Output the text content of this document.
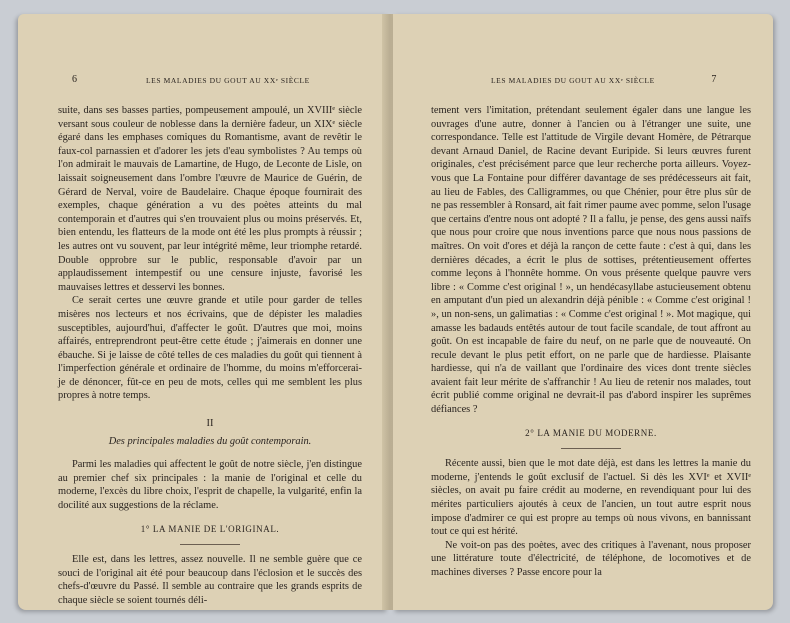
6	LES MALADIES DU GOUT AU XXᵉ SIÈCLE

suite, dans ses basses parties, pompeusement ampoulé, un XVIIIᵉ siècle versant sous couleur de noblesse dans la dernière fadeur, un XIXᵉ siècle égaré dans les emphases comiques du Romantisme, avant de revêtir le faux-col parnassien et d'adorer les jets d'eau symbolistes ? Au temps où l'on admirait le mauvais de Lamartine, de Hugo, de Leconte de Lisle, on laissait soigneusement dans l'ombre l'œuvre de Maurice de Guérin, de Gérard de Nerval, voire de Baudelaire. Chaque époque fournirait des exemples, chaque génération a vu des poètes atteints du mal contemporain et d'autres qui s'en trouvaient plus ou moins préservés. Et, bien entendu, les flatteurs de la mode ont été les plus prompts à réussir ; les autres ont vu souvent, par leur intégrité même, leur triomphe retardé. Double opprobre sur le public, responsable d'avoir par un applaudissement intempestif ou une censure injuste, favorisé les mauvaises lettres et desservi les bonnes.

Ce serait certes une œuvre grande et utile pour garder de telles misères nos lecteurs et nos écrivains, que de dépister les maladies susceptibles, aujourd'hui, d'affecter le goût. D'autres que moi, moins affairés, entreprendront peut-être cette étude ; j'aimerais en donner une ébauche. Si je laisse de côté telles de ces maladies du goût qui tiennent à l'imperfection générale et ordinaire de l'homme, du moins m'efforcerai-je de dénoncer, fût-ce en peu de mots, celles qui me semblent les plus propres à notre temps.

II

Des principales maladies du goût contemporain.

Parmi les maladies qui affectent le goût de notre siècle, j'en distingue au premier chef six principales : la manie de l'original et celle du moderne, l'excès du libre choix, l'esprit de chapelle, la vulgarité, enfin la docilité aux suggestions de la réclame.

1° LA MANIE DE L'ORIGINAL.

Elle est, dans les lettres, assez nouvelle. Il ne semble guère que ce souci de l'original ait été pour beaucoup dans l'éclosion et le succès des chefs-d'œuvre du Passé. Il semble au contraire que les grands esprits de chaque siècle se soient tournés déli-

LES MALADIES DU GOUT AU XXᵉ SIÈCLE	7

tement vers l'imitation, prétendant seulement égaler dans une langue les ouvrages d'une autre, donner à l'ancien ou à l'étranger une suite, une correspondance. Telle est l'attitude de Virgile devant Homère, de Pétrarque devant Arnaud Daniel, de Racine devant Euripide. Si leurs œuvres furent originales, c'est précisément parce que leur recherche porta ailleurs. Voyez-vous que La Fontaine pour différer davantage de ses prédécesseurs ait fait, au lieu de Fables, des Calligrammes, ou que Chénier, pour être plus sûr de ne pas ressembler à Ronsard, ait fait rimer paume avec pomme, selon l'usage que certains d'entre nous ont adopté ? Il a fallu, je pense, des gens aussi naïfs que nous pour croire que nous inventions parce que nous nous passions de maîtres. On voit d'ores et déjà la rançon de cette faute : c'est à qui, dans les dernières décades, a écrit le plus de sottises, prétentieusement offertes comme leçons à l'honnête homme. On vous présente quelque pauvre vers libre : « Comme c'est original ! », un hendécasyllabe astucieusement obtenu en amputant d'un pied un alexandrin déjà pénible : « Comme c'est original ! », un non-sens, un galimatias : « Comme c'est original ! ». Mot magique, qui amasse les badauds entêtés autour de tout facile scandale, de tout affront au goût. On est incapable de faire du neuf, on ne parle que de nouveauté. On recule devant le plus petit effort, on ne parle que de hardiesse. Plaisante hardiesse, qui n'a de vaillant que l'ordinaire des vices dont trente siècles avaient fait leur mérite de s'affranchir ! Au lieu de retenir nos malades, tout écrit publié comme original ne devrait-il pas d'abord inspirer les suprêmes défiances ?

2° LA MANIE DU MODERNE.

Récente aussi, bien que le mot date déjà, est dans les lettres la manie du moderne, j'entends le goût exclusif de l'actuel. Si dès les XVIᵉ et XVIIᵉ siècles, on avait pu faire crédit au moderne, en revendiquant pour lui des mérites particuliers ajoutés à ceux de l'ancien, un tout autre esprit nous impose d'admirer ce qui est propre au temps où nous vivons, en bannissant tout ce qui est hérité.

Ne voit-on pas des poètes, avec des critiques à l'avenant, nous proposer une littérature toute d'électricité, de téléphone, de locomotives et de machines diverses ? Passe encore pour la
